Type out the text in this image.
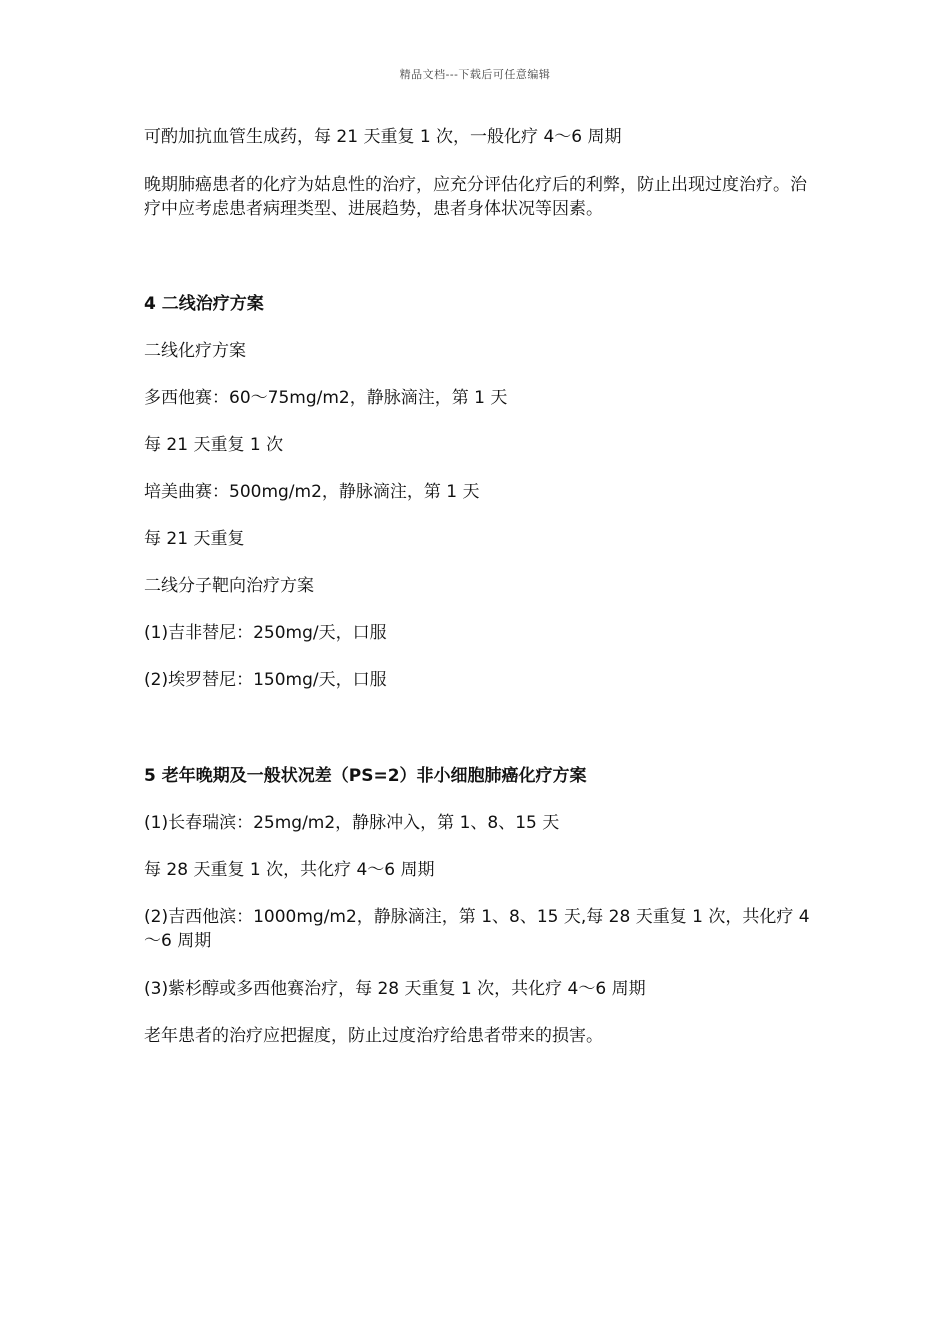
精品文档---下载后可任意编辑
可酌加抗血管生成药，每 21 天重复 1 次，一般化疗 4～6 周期
晚期肺癌患者的化疗为姑息性的治疗，应充分评估化疗后的利弊，防止出现过度治疗。治疗中应考虑患者病理类型、进展趋势，患者身体状况等因素。
4 二线治疗方案
二线化疗方案
多西他赛：60～75mg/m2，静脉滴注，第 1 天
每 21 天重复 1 次
培美曲赛：500mg/m2，静脉滴注，第 1 天
每 21 天重复
二线分子靶向治疗方案
(1)吉非替尼：250mg/天，口服
(2)埃罗替尼：150mg/天，口服
5 老年晚期及一般状况差（PS=2）非小细胞肺癌化疗方案
(1)长春瑞滨：25mg/m2，静脉冲入，第 1、8、15 天
每 28 天重复 1 次，共化疗 4～6 周期
(2)吉西他滨：1000mg/m2，静脉滴注，第 1、8、15 天,每 28 天重复 1 次，共化疗 4～6 周期
(3)紫杉醇或多西他赛治疗，每 28 天重复 1 次，共化疗 4～6 周期
老年患者的治疗应把握度，防止过度治疗给患者带来的损害。
